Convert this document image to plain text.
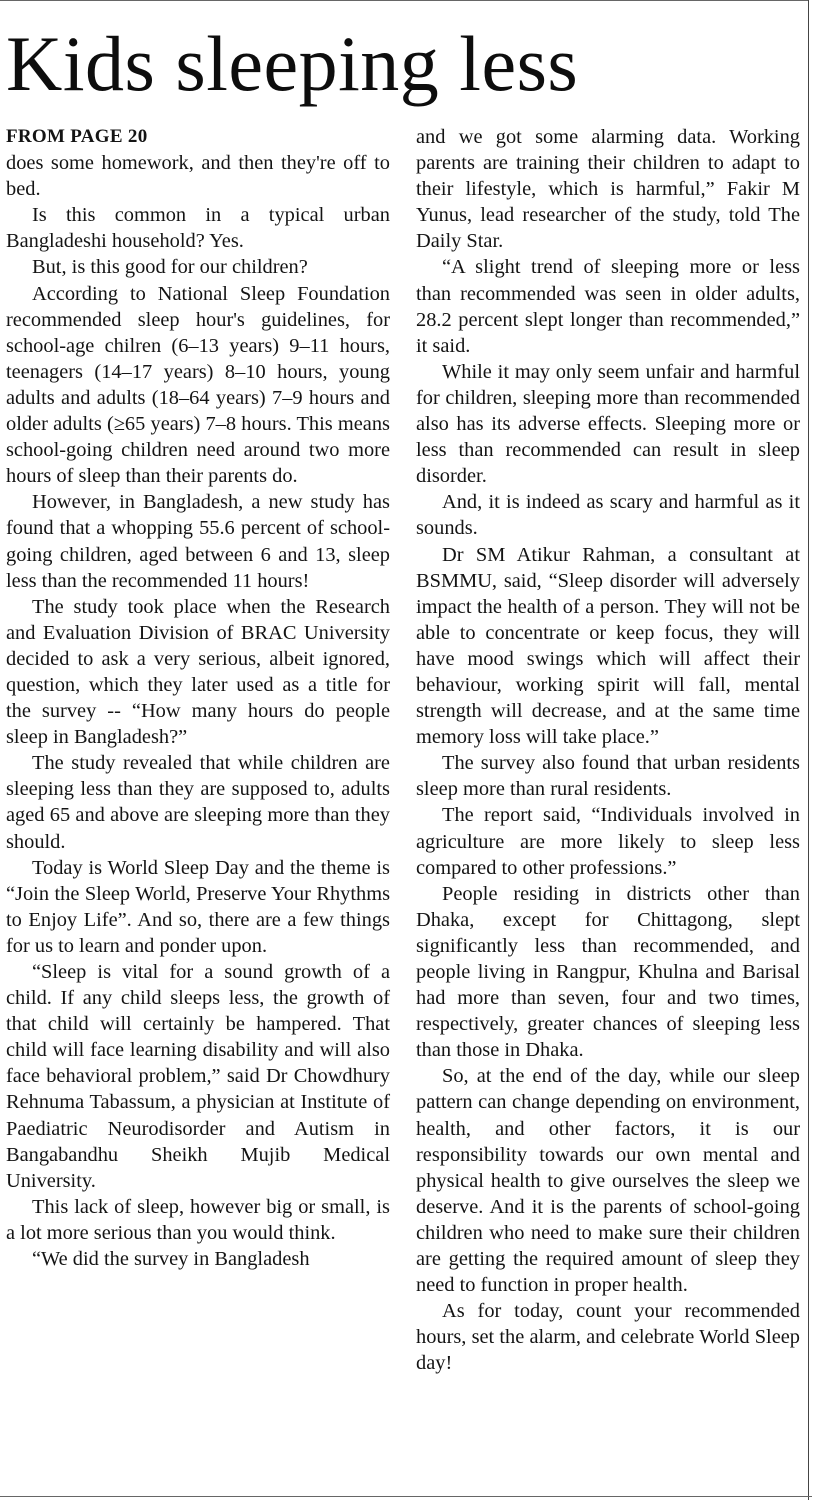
Kids sleeping less
FROM PAGE 20

does some homework, and then they're off to bed.

Is this common in a typical urban Bangladeshi household? Yes.

But, is this good for our children?

According to National Sleep Foundation recommended sleep hour's guidelines, for school-age chilren (6–13 years) 9–11 hours, teenagers (14–17 years) 8–10 hours, young adults and adults (18–64 years) 7–9 hours and older adults (≥65 years) 7–8 hours. This means school-going children need around two more hours of sleep than their parents do.

However, in Bangladesh, a new study has found that a whopping 55.6 percent of school-going children, aged between 6 and 13, sleep less than the recommended 11 hours!

The study took place when the Research and Evaluation Division of BRAC University decided to ask a very serious, albeit ignored, question, which they later used as a title for the survey -- “How many hours do people sleep in Bangladesh?”

The study revealed that while children are sleeping less than they are supposed to, adults aged 65 and above are sleeping more than they should.

Today is World Sleep Day and the theme is “Join the Sleep World, Preserve Your Rhythms to Enjoy Life”. And so, there are a few things for us to learn and ponder upon.

“Sleep is vital for a sound growth of a child. If any child sleeps less, the growth of that child will certainly be hampered. That child will face learning disability and will also face behavioral problem,” said Dr Chowdhury Rehnuma Tabassum, a physician at Institute of Paediatric Neurodisorder and Autism in Bangabandhu Sheikh Mujib Medical University.

This lack of sleep, however big or small, is a lot more serious than you would think.

“We did the survey in Bangladesh

and we got some alarming data. Working parents are training their children to adapt to their lifestyle, which is harmful,” Fakir M Yunus, lead researcher of the study, told The Daily Star.

“A slight trend of sleeping more or less than recommended was seen in older adults, 28.2 percent slept longer than recommended,” it said.

While it may only seem unfair and harmful for children, sleeping more than recommended also has its adverse effects. Sleeping more or less than recommended can result in sleep disorder.

And, it is indeed as scary and harmful as it sounds.

Dr SM Atikur Rahman, a consultant at BSMMU, said, “Sleep disorder will adversely impact the health of a person. They will not be able to concentrate or keep focus, they will have mood swings which will affect their behaviour, working spirit will fall, mental strength will decrease, and at the same time memory loss will take place.”

The survey also found that urban residents sleep more than rural residents.

The report said, “Individuals involved in agriculture are more likely to sleep less compared to other professions.”

People residing in districts other than Dhaka, except for Chittagong, slept significantly less than recommended, and people living in Rangpur, Khulna and Barisal had more than seven, four and two times, respectively, greater chances of sleeping less than those in Dhaka.

So, at the end of the day, while our sleep pattern can change depending on environment, health, and other factors, it is our responsibility towards our own mental and physical health to give ourselves the sleep we deserve. And it is the parents of school-going children who need to make sure their children are getting the required amount of sleep they need to function in proper health.

As for today, count your recommended hours, set the alarm, and celebrate World Sleep day!
